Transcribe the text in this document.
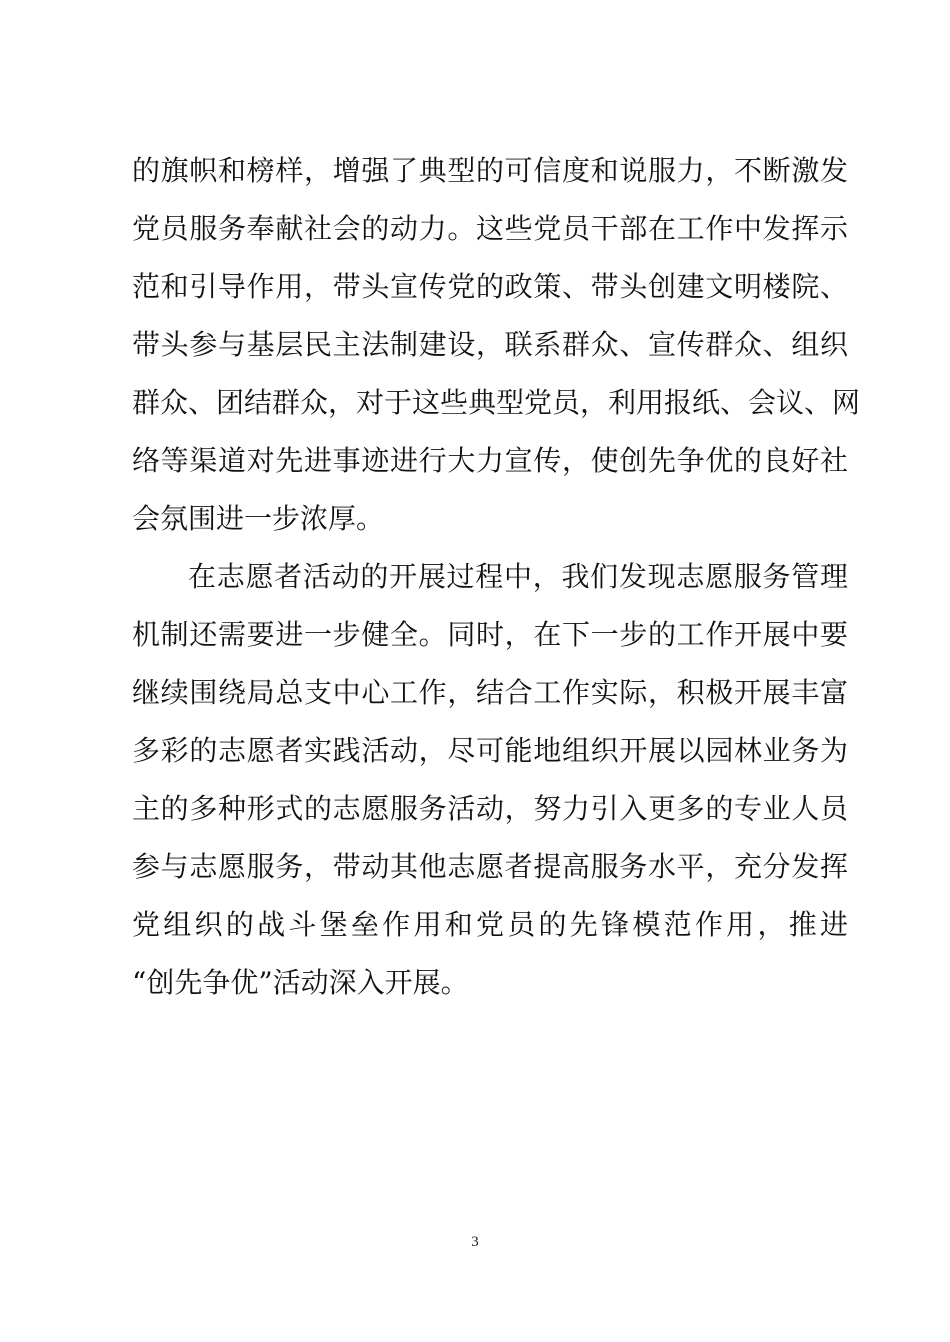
的旗帜和榜样，增强了典型的可信度和说服力，不断激发
党员服务奉献社会的动力。这些党员干部在工作中发挥示
范和引导作用，带头宣传党的政策、带头创建文明楼院、
带头参与基层民主法制建设，联系群众、宣传群众、组织
群众、团结群众，对于这些典型党员，利用报纸、会议、网
络等渠道对先进事迹进行大力宣传，使创先争优的良好社
会氛围进一步浓厚。
在志愿者活动的开展过程中，我们发现志愿服务管理
机制还需要进一步健全。同时，在下一步的工作开展中要
继续围绕局总支中心工作，结合工作实际，积极开展丰富
多彩的志愿者实践活动，尽可能地组织开展以园林业务为
主的多种形式的志愿服务活动，努力引入更多的专业人员
参与志愿服务，带动其他志愿者提高服务水平，充分发挥
党组织的战斗堡垒作用和党员的先锋模范作用，推进
“创先争优”活动深入开展。
3
